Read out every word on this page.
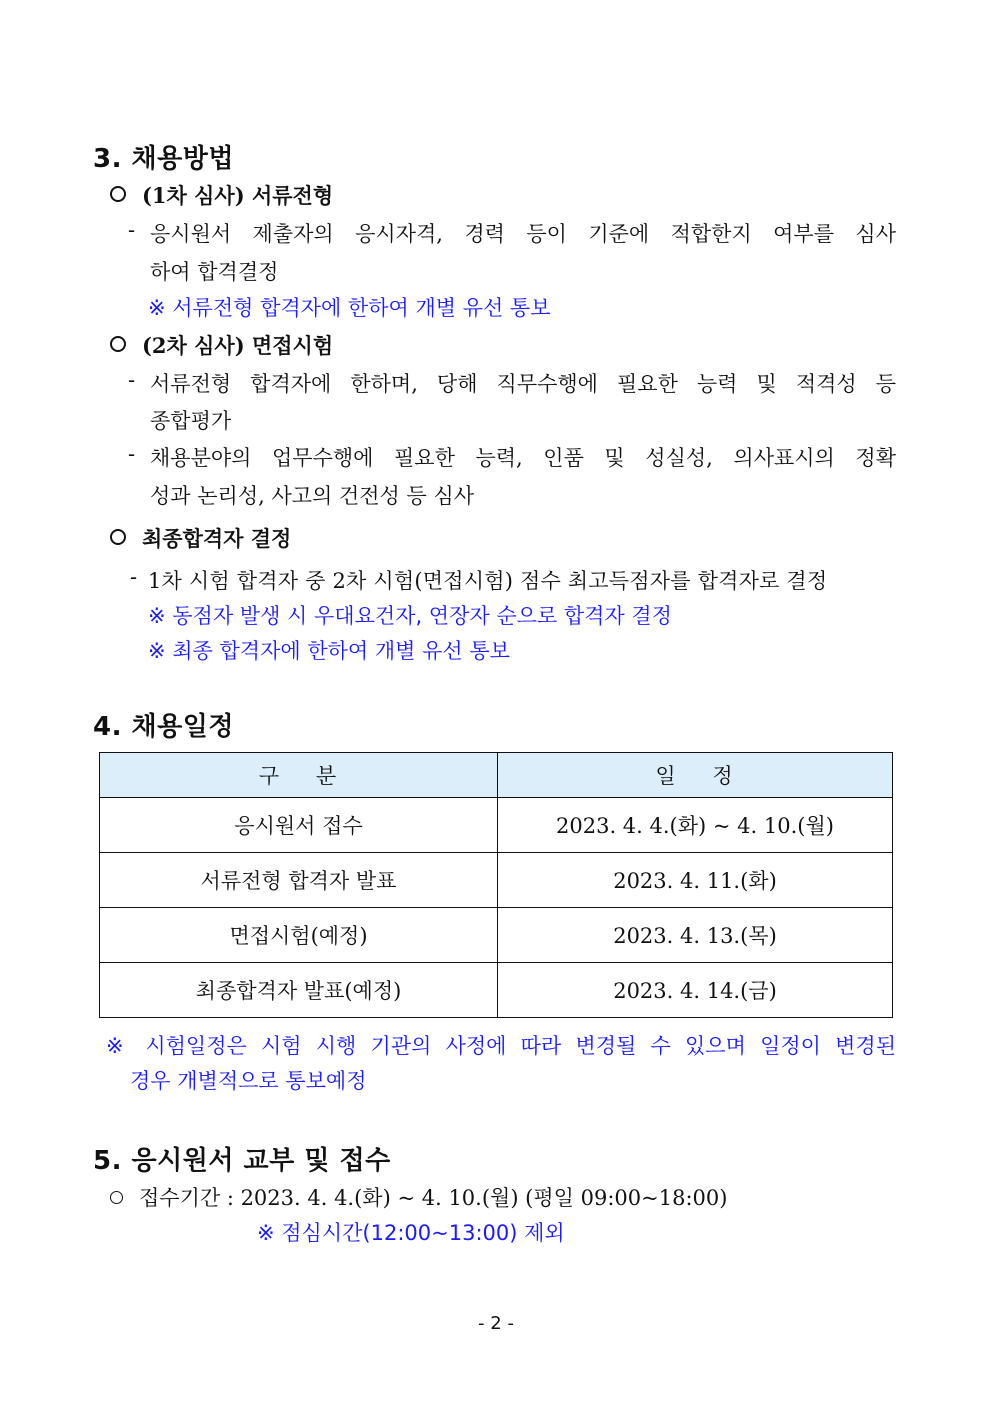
3. 채용방법
(1차 심사) 서류전형
- 응시원서 제출자의 응시자격, 경력 등이 기준에 적합한지 여부를 심사
하여 합격결정
※ 서류전형 합격자에 한하여 개별 유선 통보
(2차 심사) 면접시험
- 서류전형 합격자에 한하며, 당해 직무수행에 필요한 능력 및 적격성 등
종합평가
- 채용분야의 업무수행에 필요한 능력, 인품 및 성실성, 의사표시의 정확
성과 논리성, 사고의 건전성 등 심사
최종합격자 결정
- 1차 시험 합격자 중 2차 시험(면접시험) 점수 최고득점자를 합격자로 결정
※ 동점자 발생 시 우대요건자, 연장자 순으로 합격자 결정
※ 최종 합격자에 한하여 개별 유선 통보
4. 채용일정
구    분	일    정
응시원서 접수	2023. 4. 4.(화) ~ 4. 10.(월)
서류전형 합격자 발표	2023. 4. 11.(화)
면접시험(예정)	2023. 4. 13.(목)
최종합격자 발표(예정)	2023. 4. 14.(금)
※ 시험일정은 시험 시행 기관의 사정에 따라 변경될 수 있으며 일정이 변경된
경우 개별적으로 통보예정
5. 응시원서 교부 및 접수
접수기간 : 2023. 4. 4.(화) ~ 4. 10.(월) (평일 09:00~18:00)
※ 점심시간(12:00~13:00) 제외
- 2 -
